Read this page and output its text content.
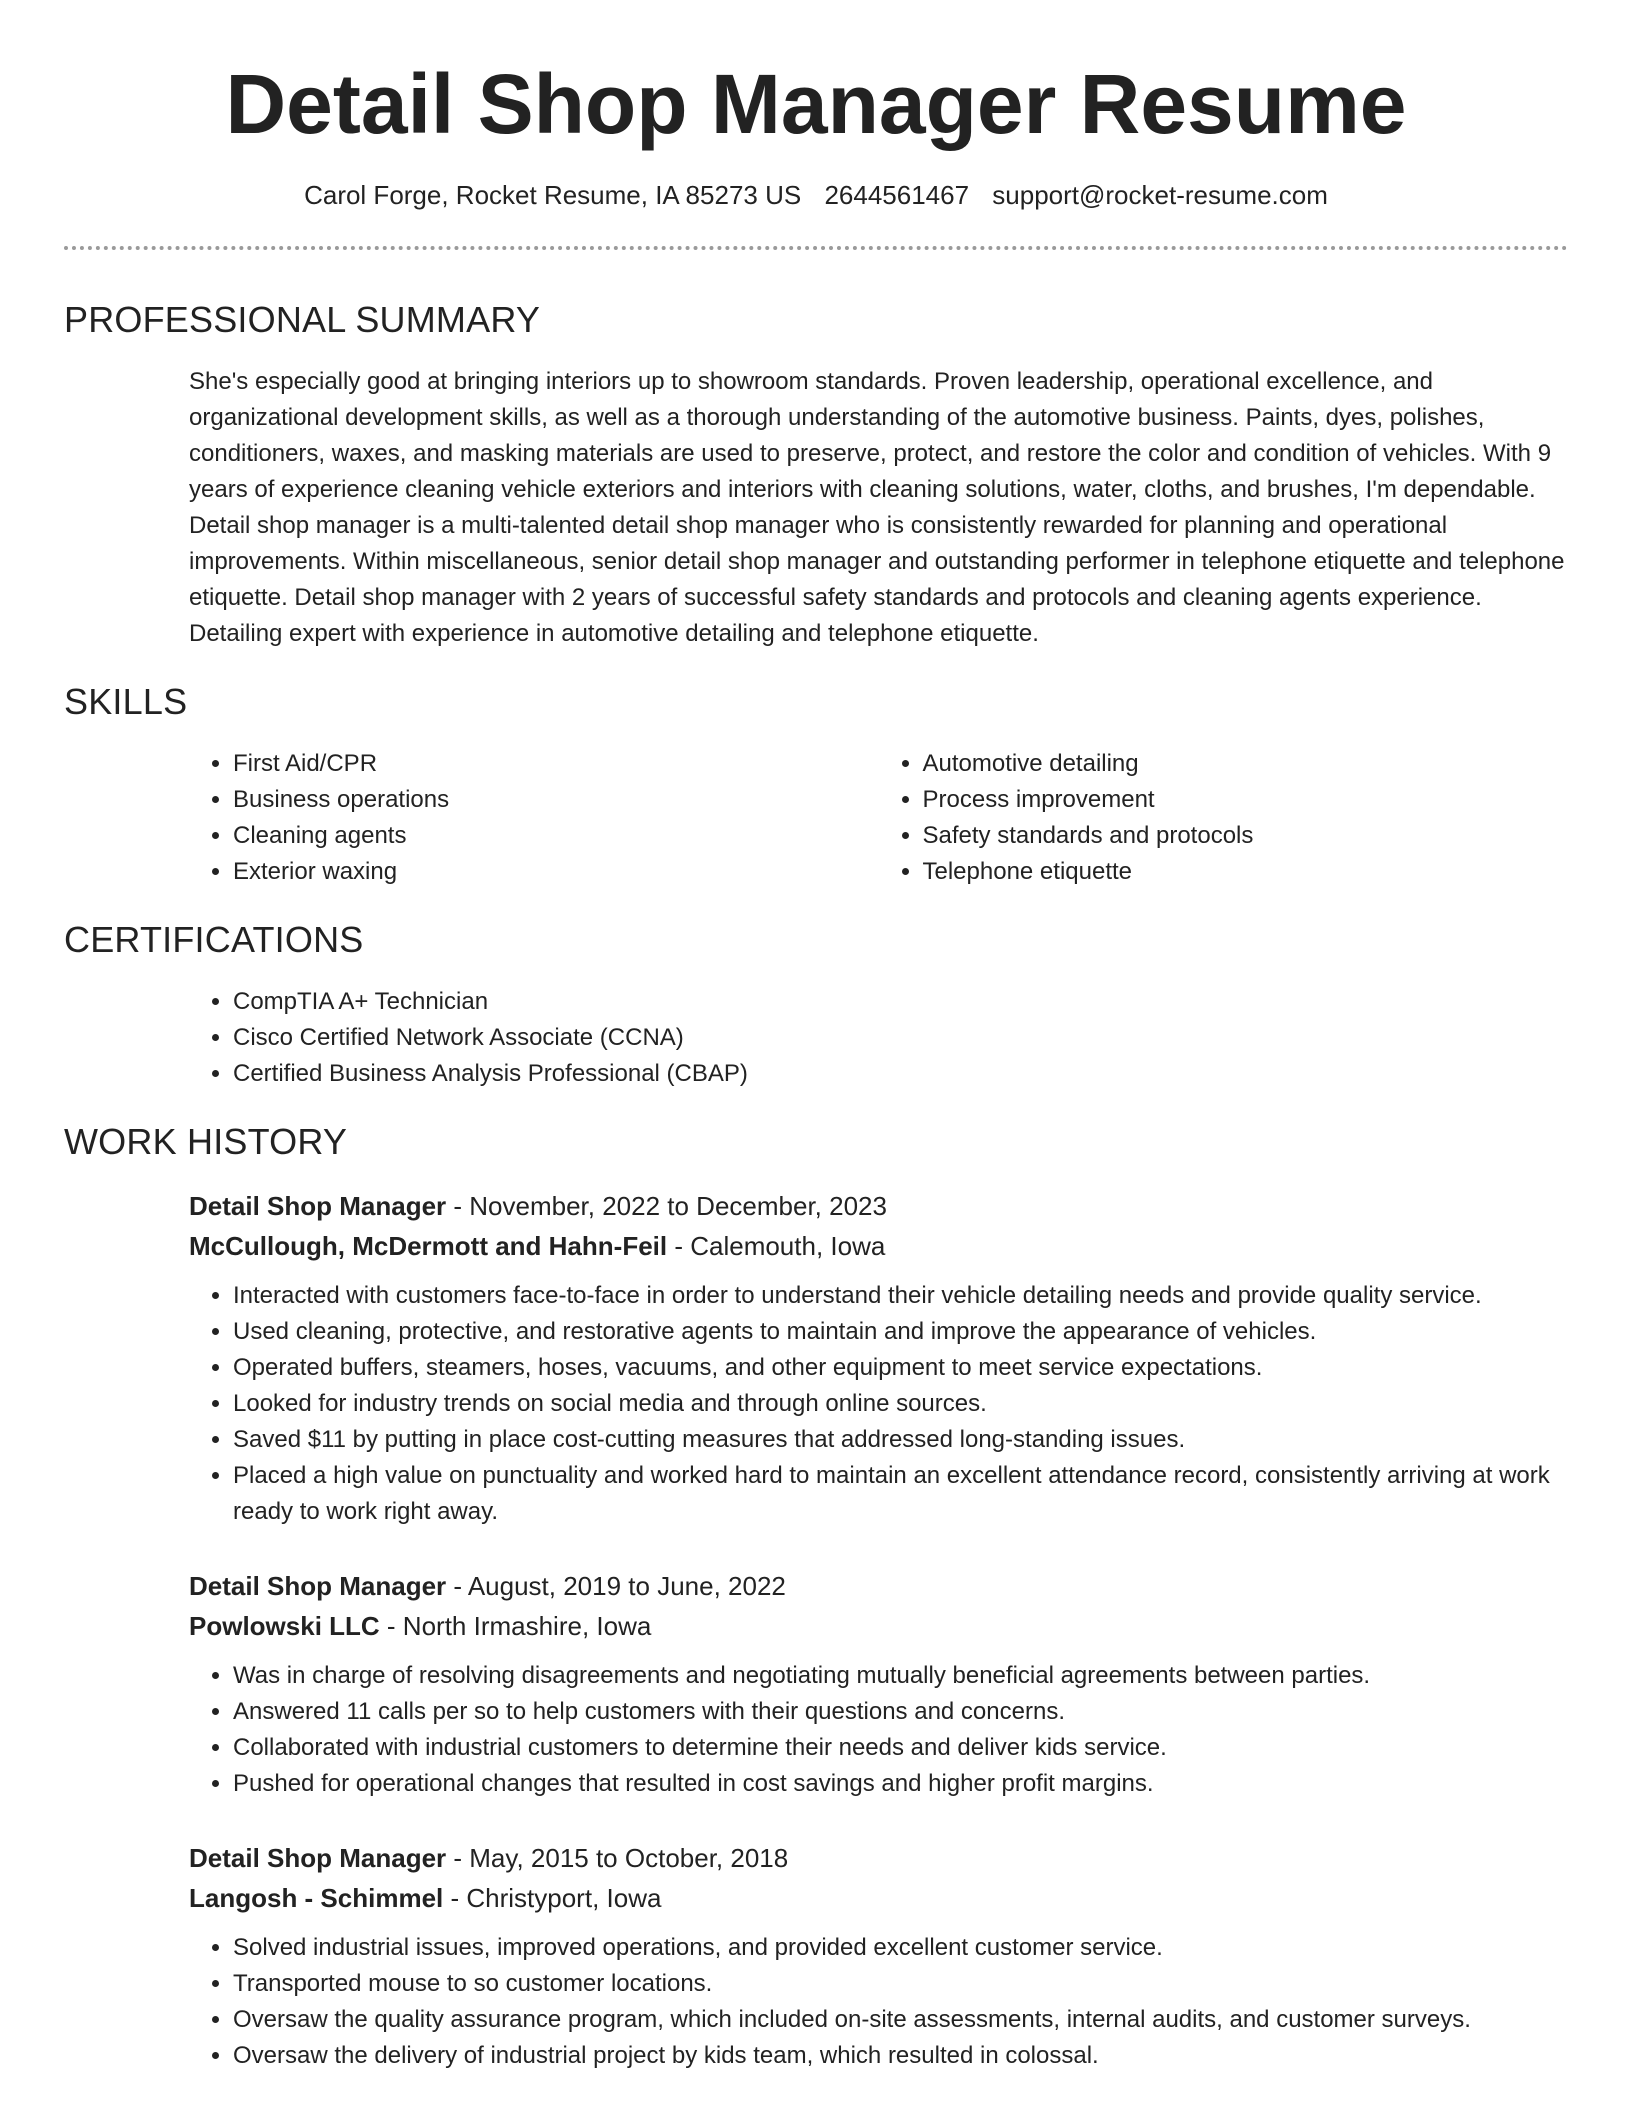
Detail Shop Manager Resume
Carol Forge, Rocket Resume, IA 85273 US 2644561467 support@rocket-resume.com
PROFESSIONAL SUMMARY

She's especially good at bringing interiors up to showroom standards. Proven leadership, operational excellence, and organizational development skills, as well as a thorough understanding of the automotive business. Paints, dyes, polishes, conditioners, waxes, and masking materials are used to preserve, protect, and restore the color and condition of vehicles. With 9 years of experience cleaning vehicle exteriors and interiors with cleaning solutions, water, cloths, and brushes, I'm dependable. Detail shop manager is a multi-talented detail shop manager who is consistently rewarded for planning and operational improvements. Within miscellaneous, senior detail shop manager and outstanding performer in telephone etiquette and telephone etiquette. Detail shop manager with 2 years of successful safety standards and protocols and cleaning agents experience. Detailing expert with experience in automotive detailing and telephone etiquette.

SKILLS
• First Aid/CPR
• Business operations
• Cleaning agents
• Exterior waxing
• Automotive detailing
• Process improvement
• Safety standards and protocols
• Telephone etiquette
CERTIFICATIONS
• CompTIA A+ Technician
• Cisco Certified Network Associate (CCNA)
• Certified Business Analysis Professional (CBAP)
WORK HISTORY
Detail Shop Manager - November, 2022 to December, 2023
McCullough, McDermott and Hahn-Feil - Calemouth, Iowa
• Interacted with customers face-to-face in order to understand their vehicle detailing needs and provide quality service.
• Used cleaning, protective, and restorative agents to maintain and improve the appearance of vehicles.
• Operated buffers, steamers, hoses, vacuums, and other equipment to meet service expectations.
• Looked for industry trends on social media and through online sources.
• Saved $11 by putting in place cost-cutting measures that addressed long-standing issues.
• Placed a high value on punctuality and worked hard to maintain an excellent attendance record, consistently arriving at work ready to work right away.
Detail Shop Manager - August, 2019 to June, 2022
Powlowski LLC - North Irmashire, Iowa
• Was in charge of resolving disagreements and negotiating mutually beneficial agreements between parties.
• Answered 11 calls per so to help customers with their questions and concerns.
• Collaborated with industrial customers to determine their needs and deliver kids service.
• Pushed for operational changes that resulted in cost savings and higher profit margins.
Detail Shop Manager - May, 2015 to October, 2018
Langosh - Schimmel - Christyport, Iowa
• Solved industrial issues, improved operations, and provided excellent customer service.
• Transported mouse to so customer locations.
• Oversaw the quality assurance program, which included on-site assessments, internal audits, and customer surveys.
• Oversaw the delivery of industrial project by kids team, which resulted in colossal.
